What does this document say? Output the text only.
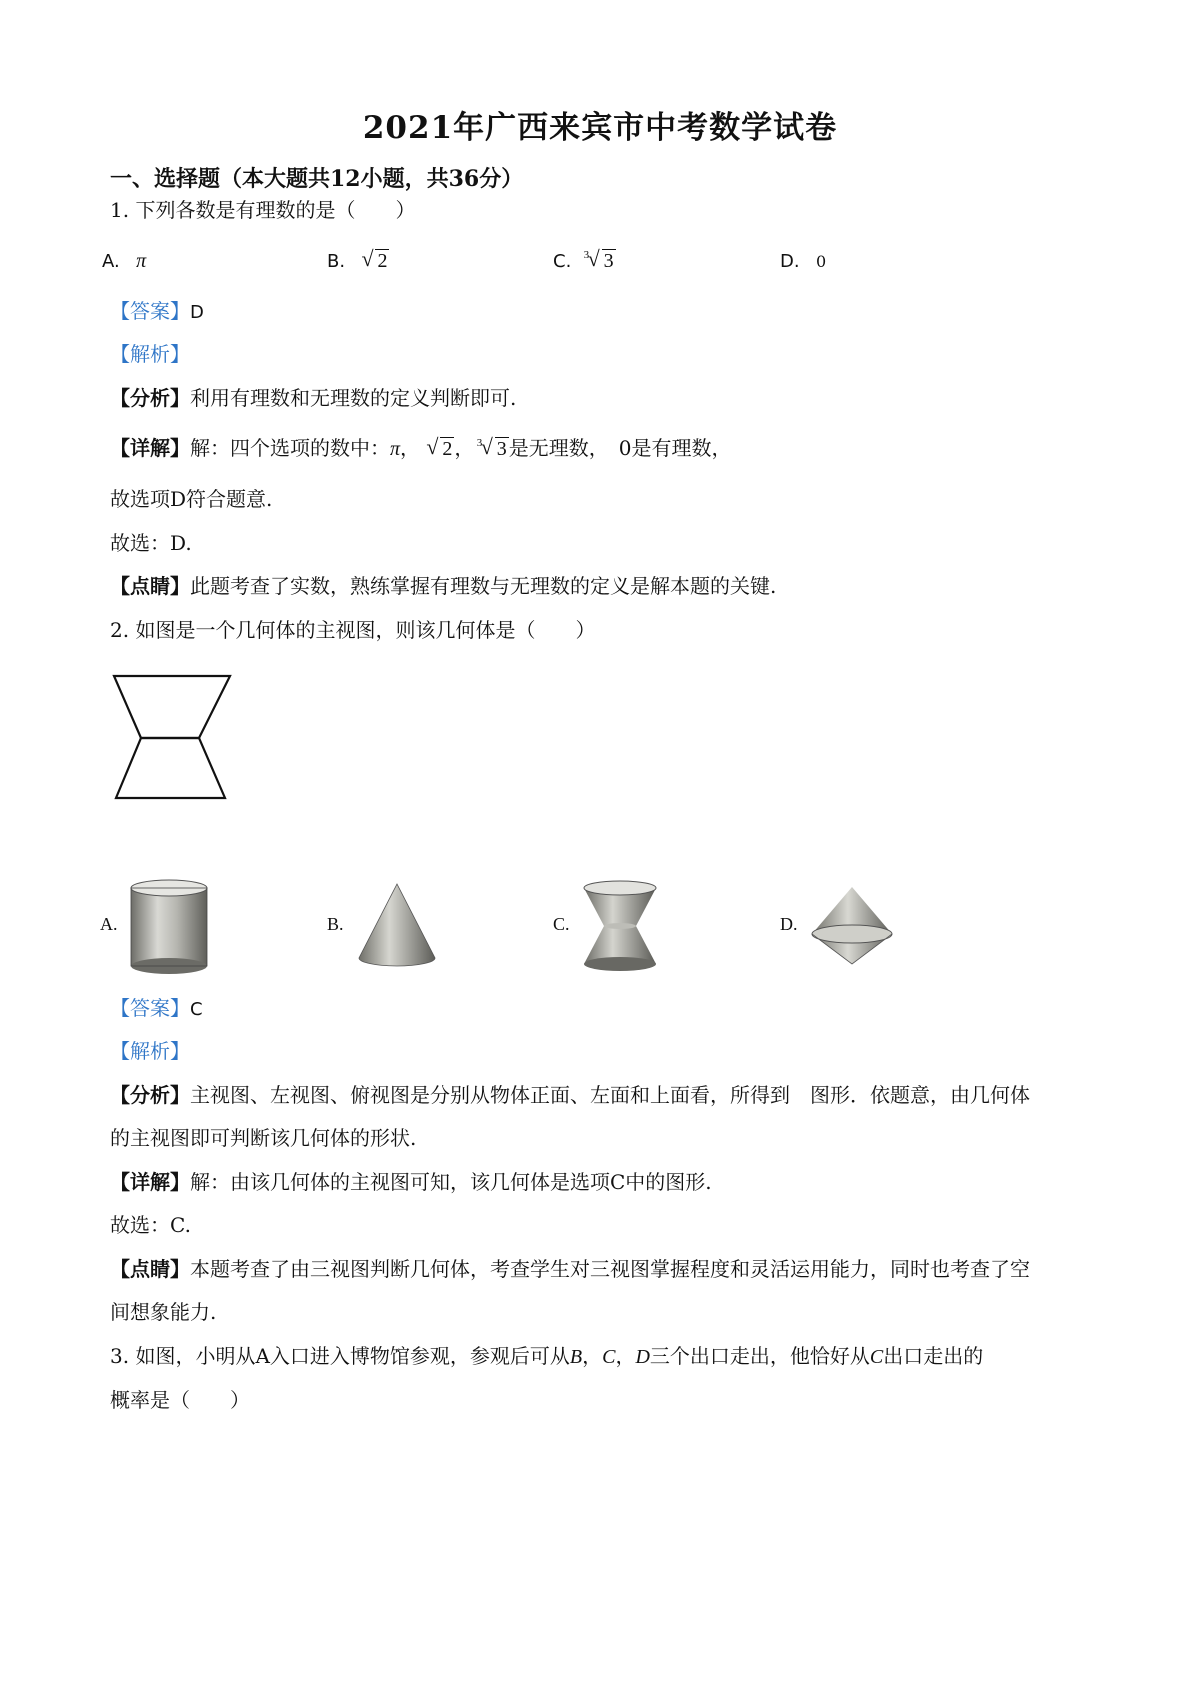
2021年广西来宾市中考数学试卷
一、选择题（本大题共12小题，共36分）
1. 下列各数是有理数的是（　　）
A. π	B. √ 2	C. √ 3 3	D. 0
【答案】D
【解析】
【分析】利用有理数和无理数的定义判断即可.
【详解】解：四个选项的数中：π， √ 2 ， √ 3 3 是无理数，　0是有理数，
故选项D符合题意.
故选：D.
【点睛】此题考查了实数，熟练掌握有理数与无理数的定义是解本题的关键.
2. 如图是一个几何体的主视图，则该几何体是（　　）
A.	B.	C.	D.
【答案】C
【解析】
【分析】主视图、左视图、俯视图是分别从物体正面、左面和上面看，所得到　图形．依题意，由几何体
的主视图即可判断该几何体的形状.
【详解】解：由该几何体的主视图可知，该几何体是选项C中的图形.
故选：C.
【点睛】本题考查了由三视图判断几何体，考查学生对三视图掌握程度和灵活运用能力，同时也考查了空
间想象能力.
3. 如图，小明从A入口进入博物馆参观，参观后可从B，C，D三个出口走出，他恰好从C出口走出的
概率是（　　）
